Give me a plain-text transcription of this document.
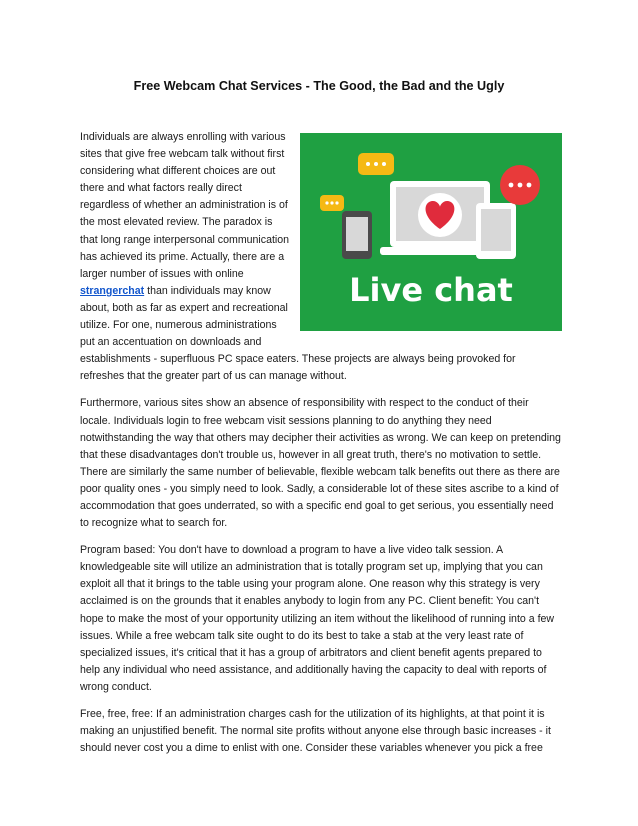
Free Webcam Chat Services - The Good, the Bad and the Ugly
Live chat

Individuals are always enrolling with various sites that give free webcam talk without first considering what different choices are out there and what factors really direct regardless of whether an administration is of the most elevated review. The paradox is that long range interpersonal communication has achieved its prime. Actually, there are a larger number of issues with online strangerchat than individuals may know about, both as far as expert and recreational utilize. For one, numerous administrations put an accentuation on downloads and establishments - superfluous PC space eaters. These projects are always being provoked for refreshes that the greater part of us can manage without.

Furthermore, various sites show an absence of responsibility with respect to the conduct of their locale. Individuals login to free webcam visit sessions planning to do anything they need notwithstanding the way that others may decipher their activities as wrong. We can keep on pretending that these disadvantages don't trouble us, however in all great truth, there's no motivation to settle. There are similarly the same number of believable, flexible webcam talk benefits out there as there are poor quality ones - you simply need to look. Sadly, a considerable lot of these sites ascribe to a kind of accommodation that goes underrated, so with a specific end goal to get serious, you essentially need to recognize what to search for.

Program based: You don't have to download a program to have a live video talk session. A knowledgeable site will utilize an administration that is totally program set up, implying that you can exploit all that it brings to the table using your program alone. One reason why this strategy is very acclaimed is on the grounds that it enables anybody to login from any PC. Client benefit: You can't hope to make the most of your opportunity utilizing an item without the likelihood of running into a few issues. While a free webcam talk site ought to do its best to take a stab at the very least rate of specialized issues, it's critical that it has a group of arbitrators and client benefit agents prepared to help any individual who need assistance, and additionally having the capacity to deal with reports of wrong conduct.

Free, free, free: If an administration charges cash for the utilization of its highlights, at that point it is making an unjustified benefit. The normal site profits without anyone else through basic increases - it should never cost you a dime to enlist with one. Consider these variables whenever you pick a free
